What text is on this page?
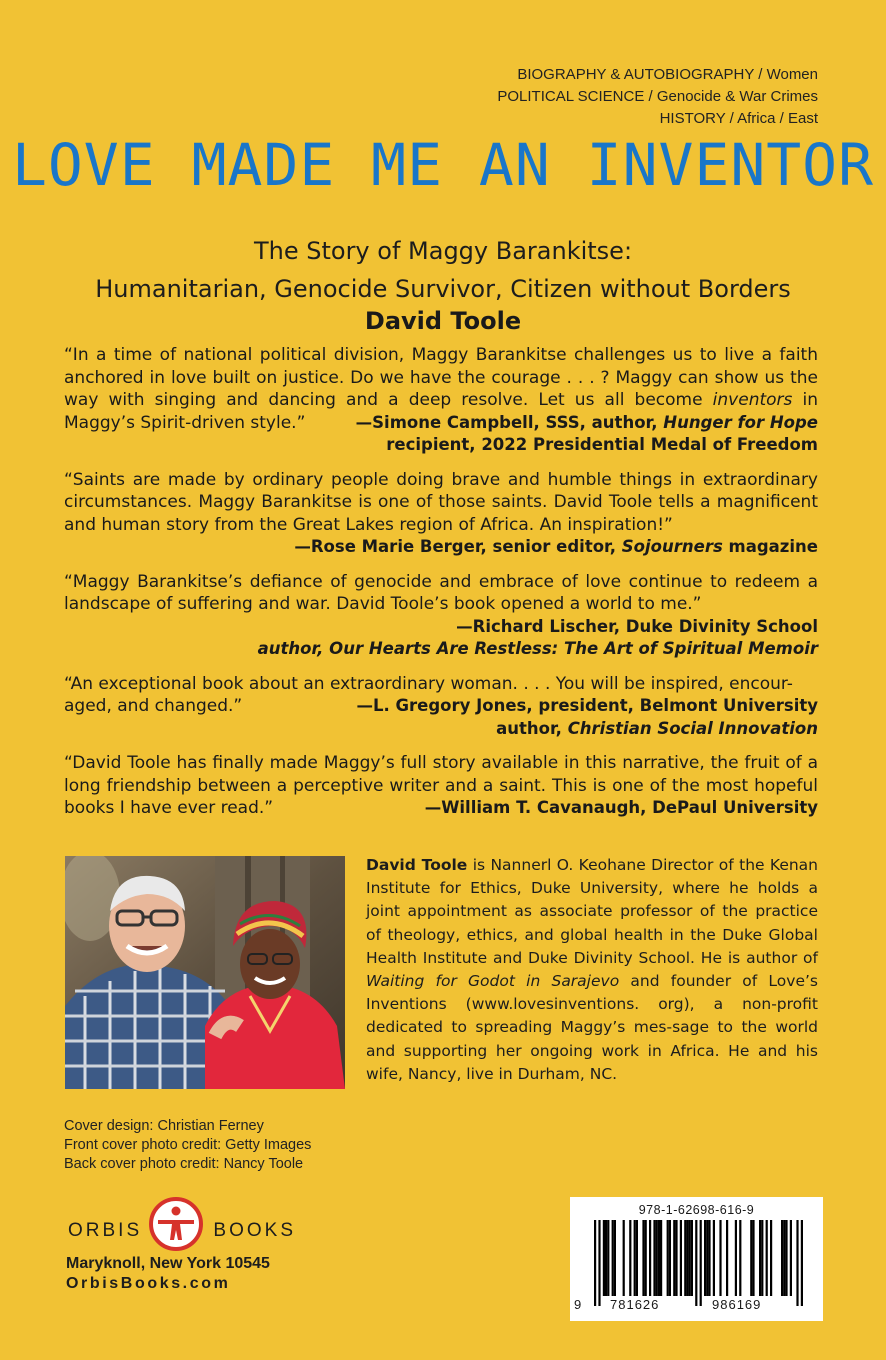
BIOGRAPHY & AUTOBIOGRAPHY / Women
POLITICAL SCIENCE / Genocide & War Crimes
HISTORY / Africa / East
LOVE MADE ME AN INVENTOR
The Story of Maggy Barankitse:
Humanitarian, Genocide Survivor, Citizen without Borders
David Toole
“In a time of national political division, Maggy Barankitse challenges us to live a faith anchored in love built on justice. Do we have the courage . . . ? Maggy can show us the way with singing and dancing and a deep resolve. Let us all become inventors in Maggy’s Spirit-driven style.”	—Simone Campbell, SSS, author, Hunger for Hope
recipient, 2022 Presidential Medal of Freedom
“Saints are made by ordinary people doing brave and humble things in extraordinary circumstances. Maggy Barankitse is one of those saints. David Toole tells a magnificent and human story from the Great Lakes region of Africa. An inspiration!”
—Rose Marie Berger, senior editor, Sojourners magazine
“Maggy Barankitse’s defiance of genocide and embrace of love continue to redeem a landscape of suffering and war. David Toole’s book opened a world to me.”
—Richard Lischer, Duke Divinity School
author, Our Hearts Are Restless: The Art of Spiritual Memoir
“An exceptional book about an extraordinary woman. . . . You will be inspired, encour-aged, and changed.”	—L. Gregory Jones, president, Belmont University
author, Christian Social Innovation
“David Toole has finally made Maggy’s full story available in this narrative, the fruit of a long friendship between a perceptive writer and a saint. This is one of the most hopeful books I have ever read.”	—William T. Cavanaugh, DePaul University
David Toole is Nannerl O. Keohane Director of the Kenan Institute for Ethics, Duke University, where he holds a joint appointment as associate professor of the practice of theology, ethics, and global health in the Duke Global Health Institute and Duke Divinity School. He is author of Waiting for Godot in Sarajevo and founder of Love’s Inventions (www.lovesinventions. org), a non-profit dedicated to spreading Maggy’s mes-sage to the world and supporting her ongoing work in Africa. He and his wife, Nancy, live in Durham, NC.
Cover design: Christian Ferney
Front cover photo credit: Getty Images
Back cover photo credit: Nancy Toole
ORBIS	BOOKS
Maryknoll, New York 10545
OrbisBooks.com
978-1-62698-616-9
9 781626	986169
